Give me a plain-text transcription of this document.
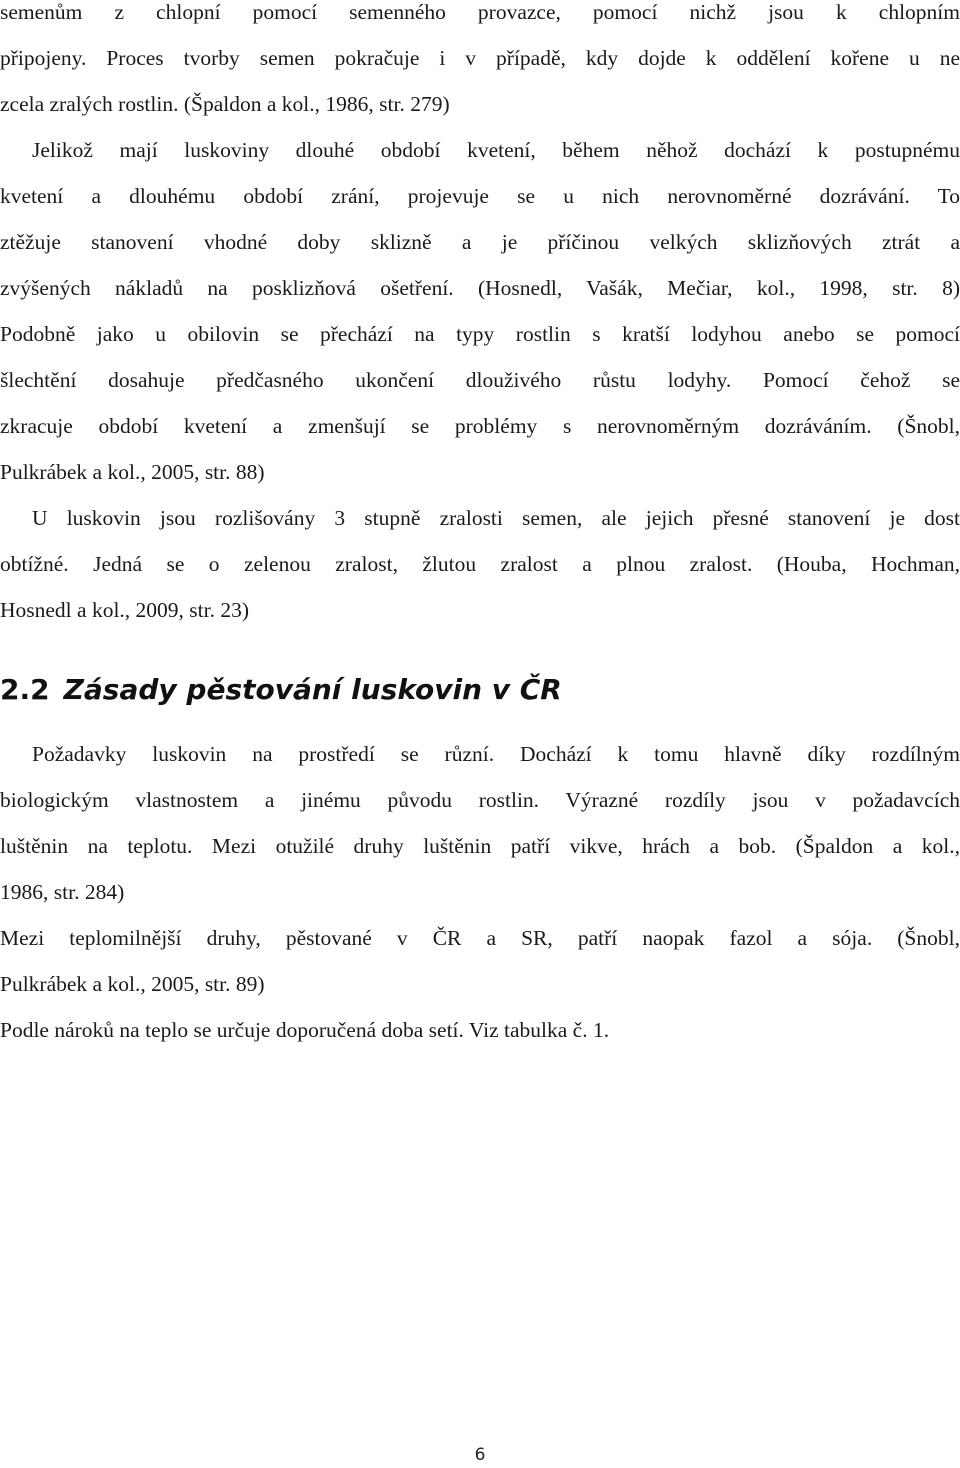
semenům z chlopní pomocí semenného provazce, pomocí nichž jsou k chlopním
připojeny. Proces tvorby semen pokračuje i v případě, kdy dojde k oddělení kořene u ne
zcela zralých rostlin. (Špaldon a kol., 1986, str. 279)
Jelikož mají luskoviny dlouhé období kvetení, během něhož dochází k postupnému
kvetení a dlouhému období zrání, projevuje se u nich nerovnoměrné dozrávání. To
ztěžuje stanovení vhodné doby sklizně a je příčinou velkých sklizňových ztrát a
zvýšených nákladů na posklizňová ošetření. (Hosnedl, Vašák, Mečiar, kol., 1998, str. 8)
Podobně jako u obilovin se přechází na typy rostlin s kratší lodyhou anebo se pomocí
šlechtění dosahuje předčasného ukončení dlouživého růstu lodyhy. Pomocí čehož se
zkracuje období kvetení a zmenšují se problémy s nerovnoměrným dozráváním. (Šnobl,
Pulkrábek a kol., 2005, str. 88)
U luskovin jsou rozlišovány 3 stupně zralosti semen, ale jejich přesné stanovení je dost
obtížné. Jedná se o zelenou zralost, žlutou zralost a plnou zralost. (Houba, Hochman,
Hosnedl a kol., 2009, str. 23)
2.2 Zásady pěstování luskovin v ČR
Požadavky luskovin na prostředí se různí. Dochází k tomu hlavně díky rozdílným
biologickým vlastnostem a jinému původu rostlin. Výrazné rozdíly jsou v požadavcích
luštěnin na teplotu. Mezi otužilé druhy luštěnin patří vikve, hrách a bob. (Špaldon a kol.,
1986, str. 284)
Mezi teplomilnější druhy, pěstované v ČR a SR, patří naopak fazol a sója. (Šnobl,
Pulkrábek a kol., 2005, str. 89)
Podle nároků na teplo se určuje doporučená doba setí. Viz tabulka č. 1.
6
